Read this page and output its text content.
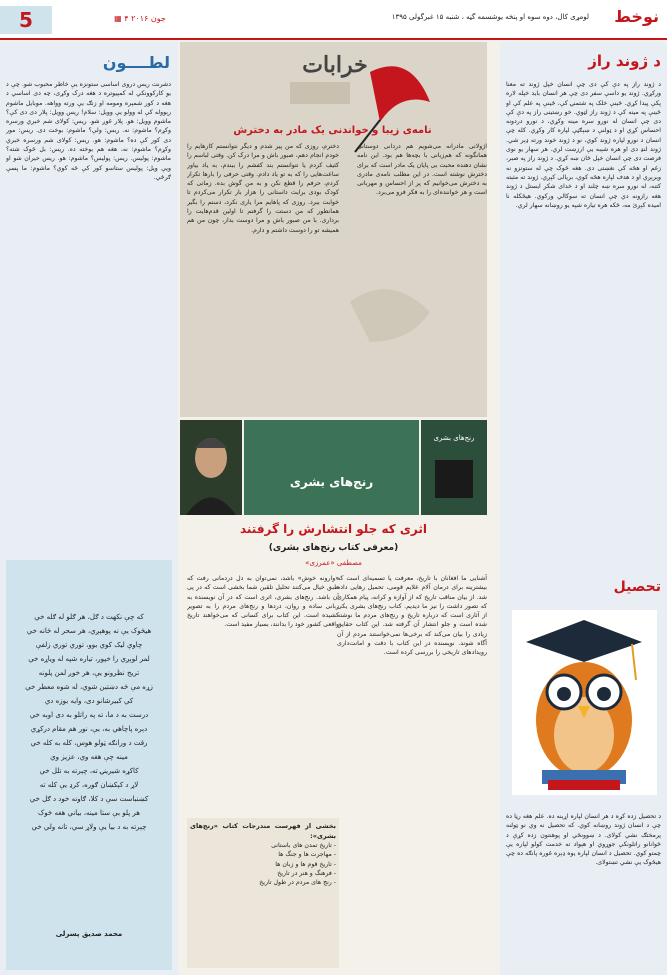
نوخط
لومړی کال، دوه سوه او پنځه یوشسمه گڼه ، شنبه ۱۵ غبرگولی ۱۳۹۵
▦ ۴ جون ۲۰۱۶
5
د ژوند راز
د ژوند راز په دې کې دی چې انسان خپل ژوند ته معنا ورکړي. ژوند یو داسې سفر دی چې هر انسان باید خپله لاره پکې پیدا کړي. ځینې خلک په شتمنۍ کې، ځینې په علم کې او ځینې په مینه کې د ژوند راز لټوي. خو رښتینی راز په دې کې دی چې انسان له نورو سره مینه وکړي، د نورو دردونه احساس کړي او د ټولنې د ښېګڼې لپاره کار وکړي. کله چې انسان د نورو لپاره ژوند کوي، نو د ژوند خوند ورته ډېر شي. ژوند لنډ دی او هره شېبه یې ارزښت لري. هر سهار یو نوی فرصت دی چې انسان خپل ځان ښه کړي. د ژوند راز په صبر، زغم او هڅه کې نغښتی دی. هغه څوک چې له ستونزو نه وېرېږي او د هدف لپاره هڅه کوي، بریالی کېږي. ژوند ته مثبته کتنه، له نورو سره ښه چلند او د خدای شکر ایستل د ژوند هغه رازونه دي چې انسان ته سوکالي ورکوي. هیڅکله نا امیده کېږئ مه، ځکه هره تیاره شپه یو روښانه سهار لري.
تحصیل
د تحصیل زده کړه د هر انسان لپاره اړینه ده. علم هغه رڼا ده چې د انسان ژوند روښانه کوي. که تحصیل نه وي نو ټولنه پرمختګ نشي کولای. د ښوونځي او پوهنتون زده کړې د ځوانانو راتلونکې جوړوي او هېواد ته خدمت کولو لپاره یې چمتو کوي. تحصیل د انسان لپاره یوه ډېره غوره پانګه ده چې هیڅوک یې نشي تښتولای.
خرابات
نامه‌ی زیبا و خواندنی یک مادر به دخترش
اژولانی مادرانه می‌شویم هم دردانی دوستانی همانگونه که هم‌زبانی با بچه‌ها هم بود. این نامه نشان دهنده محبت بی پایان یک مادر است که برای دخترش نوشته است. در این مطلب نامه‌ی مادری به دخترش می‌خوانیم که پر از احساس و مهربانی است و هر خواننده‌ای را به فکر فرو می‌برد.
دخترم، روزی که من پیر شدم و دیگر نتوانستم کارهایم را خودم انجام دهم، صبور باش و مرا درک کن. وقتی لباسم را کثیف کردم یا نتوانستم بند کفشم را ببندم، به یاد بیاور ساعت‌هایی را که به تو یاد دادم. وقتی حرفی را بارها تکرار کردم، حرفم را قطع نکن و به من گوش بده. زمانی که کودک بودی برایت داستانی را هزار بار تکرار می‌کردم تا خوابت ببرد. روزی که پاهایم مرا یاری نکرد، دستم را بگیر همانطور که من دستت را گرفتم تا اولین قدم‌هایت را برداری. با من صبور باش و مرا دوست بدار، چون من هم همیشه تو را دوست داشتم و دارم.
رنج‌های بشری
رنج‌های بشری
اثری که جلو انتشارش را گرفتند
(معرفی کتاب رنج‌های بشری)
مصطفی «عمرزی»
آشنایی ما افغانان با تاریخ، معرفت یا تسمیه‌ای است که بیشترینه برای درمان آلام علایم قومی، تحمیل رهایی داده شد. از بیان مناقب تاریخ که از آوازه و کرانه، پیام همکاری که تصور داشت را نیز ما دیدیم. کتاب رنج‌های بشری یکی از آثاری است که درباره تاریخ و رنج‌های مردم ما نوشته شده است و جلو انتشار آن گرفته شد. این کتاب حقایق زیادی را بیان می‌کند که برخی‌ها نمی‌خواستند مردم از آن آگاه شوند. نویسنده در این کتاب با دقت و امانت‌داری رویدادهای تاریخی را بررسی کرده است.
«وارونه خوش» باشد، نمی‌توان به دل دردمانی رفت که طبق خیال می‌کنند تحلیل تلقین شما بخشی است که در پی آن باشد. رنج‌های بشری، اثری است که در آن نویسنده به زبانی ساده و روان، دردها و رنج‌های مردم را به تصویر کشیده است. این کتاب برای کسانی که می‌خواهند تاریخ واقعی کشور خود را بدانند، بسیار مفید است.
بخشی از فهرست مندرجات کتاب «رنج‌های بشری»:
- تاریخ تمدن های باستانی
- مهاجرت ها و جنگ ها
- تاریخ قوم ها و زبان ها
- فرهنگ و هنر در تاریخ
- رنج های مردم در طول تاریخ
لطــــون
دشرنت ریس دروی اساسی ستونزه یې خاطر محبوب شو. چې د یو کارکوونکي له کمپیوتره د هغه درک وکړی، چه دی اساسي د هغه د کور شمېره ومومه او زنګ یې ورته وواهه. موبایل ماشوم رېووله کې له وولو یې وویل: سلام! ریس وویل: پلار دی دی کې؟ ماشوم وویل: هو. پلار غوږ شو. ریس: کولای شم خبري ورسره وکړم؟ ماشوم: نه. ریس: ولې؟ ماشوم: بوخت دی. ریس: مور دی کور کې ده؟ ماشوم: هو. ریس: کولای شم ورسره خبري وکړم؟ ماشوم: نه، هغه هم بوخته ده. ریس: بل څوک شته؟ ماشوم: پولیس. ریس: پولیس؟ ماشوم: هو. ریس حیران شو او ویې ویل: پولیس ستاسو کور کې څه کوي؟ ماشوم: ما پسې ګرځي.
که چې نکهت د ګل، هر ګلو له ګله خي
هیڅوک یې نه پوهېږي، هر سحر له ځانه خي
چاوې ليک کوي بوو، توري توري زلفې
لمر لوېږي را خپور، تیاره شپه له ویاړه خي
تریخ نظرونو یې، هر خوږ لمن پلونه
زړه مې څه دښتین شوي، له شوه معطر خي
کي کبیرشانو دی، وایه بوزه دي
درست به د ما، ته په راتلو به دی اوبه خي
دېره پاچاهي به، یې، نور هم مقام درکړي
رقت د ورانګه ټولو هوس، کله به کله خي
مینه چې هغه وي، عزیز وي
کاکړه شیرینۍ ته، چېرته به تلل خي
لاړ د کېکښان ګوره، کرډ یې کله ته
کښنباست سې د کلا، ګاونه خود د ګل خي
هر پلو بې ستا مینه، بیاني هغه څوک
چېرته به د بیا یې ولاړ سي، تانه ولي خي
محمد صدیق پسرلی
